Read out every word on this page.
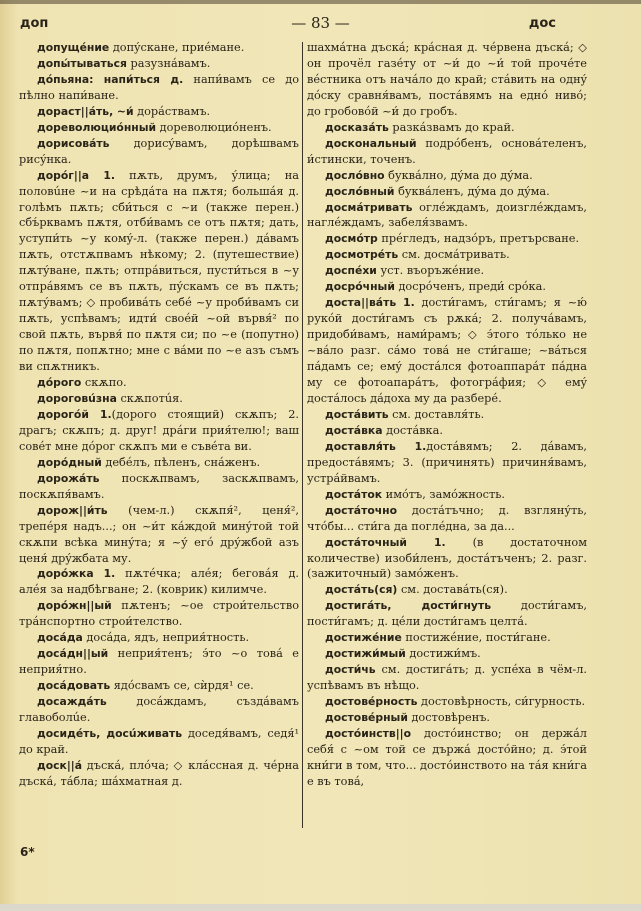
доп	— 83 —	дос

допущéние допýскане, приéмане.

допы́тываться разузнáвамъ.

дóпьяна: напи́ться д. напи́вамъ се до пѣлно напи́ване.

дораст||áть, ~и́ дорáствамъ.

дореволюциóнный дореволюциóненъ.

дорисовáть дорисýвамъ, дорѣшвамъ рисýнка.

дорóг||а 1. пѫть, друмъ, ýлица; на половúне ~и на срѣдáта на пѫтя; большáя д. голѣмъ пѫть; сби́ться с ~и (также перен.) сбъ́рквамъ пѫтя, отби́вамъ се отъ пѫтя; дать, уступи́ть ~у комý-л. (также перен.) дáвамъ пѫть, отстѫпвамъ нѣкому; 2. (путешествие) пѫтýване, пѫть; отпрáвиться, пусти́ться в ~у отпрáвямъ се въ пѫть, пýскамъ се въ пѫть; пѫтýвамъ; ◇ пробивáть себé ~у проби́вамъ си пѫть, успѣвамъ; идти́ своéй ~ой вървя́² по свой пѫть, вървя́ по пѫтя си; по ~е (попутно) по пѫтя, попѫтно; мне с вáми по ~е азъ съмъ ви спѫтникъ.

дóрого скѫпо.

дороговúзна скѫпотúя.

дорогóй 1.(дорого стоящий) скѫпъ; 2. драгъ; скѫпъ; д. друг! дрáги прия́телю!; ваш совéт мне дóрог скѫпъ ми е съвéта ви.

дорóдный дебéлъ, пѣленъ, снáженъ.

дорожáть поскѫпвамъ, заскѫпвамъ, поскѫпя́вамъ.

дорож||и́ть (чем-л.) скѫпя́², ценя́², трепéря надъ...; он ~и́т кáждой минýтой той скѫпи всѣка минýта; я ~ý егó дрýжбой азъ ценя́ дрýжбата му.

дорóжка 1. пѫтéчка; алéя; беговáя д. алéя за надбѣгване; 2. (коврик) килимче.

дорóжн||ый пѫтенъ; ~ое строи́тельство трáнспортно строи́телство.

досáда досáда, ядъ, неприя́тность.

досáдн||ый неприя́тенъ; э́то ~о товá е неприя́тно.

досáдовать ядóсвамъ се, сѝрдя¹ се.

досаждáть досáждамъ, създáвамъ главоболúе.

досидéть, досúживать доседя́вамъ, седя́¹ до край.

доск||á дъскá, плóча; ◇ клáссная д. чéрна дъскá, тáбла; шáхматная д.

шахмáтна дъскá; крáсная д. чéрвена дъскá; ◇ он прочёл газéту от ~и́ до ~и́ той прочéте вéстника отъ начáло до край; стáвить на однý дóску сравня́вамъ, постáвямъ на еднó нивó; до гробовóй ~и́ до гробъ.

досказáть разкáзвамъ до край.

доскональный подрóбенъ, основáтеленъ, и́стински, точенъ.

дослóвно буквáлно, дýма до дýма.

дослóвный буквáленъ, дýма до дýма.

досмáтривать оглéждамъ, доизглéждамъ, наглéждамъ, забеля́звамъ.

досмóтр прéгледъ, надзóръ, претърсване.

досмотрéть см. досмáтривать.

доспéхи уст. въоръжéние.

досрóчный досрóченъ, преди́ срóка.

доста||вáть 1. дости́гамъ, сти́гамъ; я ~ю́ рукóй дости́гамъ съ рѫкá; 2. получáвамъ, придоби́вамъ, нами́рамъ; ◇ э́того тóлько не ~вáло разг. сáмо товá не сти́гаше; ~вáться пáдамъ се; емý достáлся фотоаппарáт пáдна му се фотоапарáтъ, фотогрáфия; ◇ емý достáлось дáдоха му да разберé.

достáвить см. доставля́ть.

достáвка достáвка.

доставля́ть 1.достáвямъ; 2. дáвамъ, предостáвямъ; 3. (причинять) причиня́вамъ, устрáйвамъ.

достáток имóтъ, замóжность.

достáточно достáтъчно; д. взгляну́ть, чтóбы... сти́га да поглéдна, за да...

достáточный 1. (в достаточном количестве) изоби́ленъ, достáтъченъ; 2. разг. (зажиточный) замóженъ.

достáть(ся) см. доставáть(ся).

достигáть, дости́гнуть дости́гамъ, пости́гамъ; д. цéли дости́гамъ целтá.

достижéние постижéние, пости́гане.

достижи́мый достижи́мъ.

дости́чь см. достигáть; д. успéха в чём-л. успѣвамъ въ нѣщо.

достовéрность достовѣрность, си́гурность.

достовéрный достовѣренъ.

достóинств||о достóинство; он держáл себя́ с ~ом той се държá достóйно; д. э́той кни́ги в том, что... достóинството на тáя кни́га е въ товá,

6*
